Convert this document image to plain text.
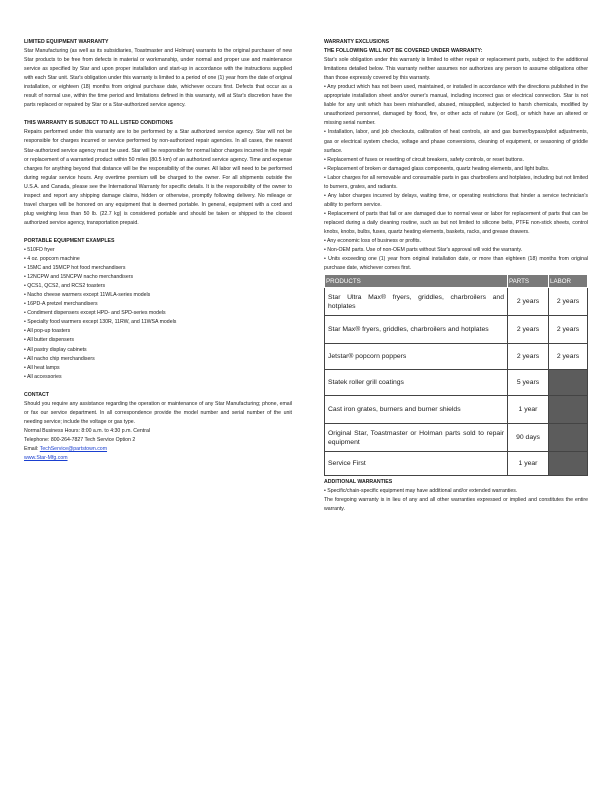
LIMITED EQUIPMENT WARRANTY

Star Manufacturing (as well as its subsidiaries, Toastmaster and Holman) warrants to the original purchaser of new Star products to be free from defects in material or workmanship, under normal and proper use and maintenance service as specified by Star and upon proper installation and start-up in accordance with the instructions supplied with each Star unit. Star's obligation under this warranty is limited to a period of one (1) year from the date of original installation, or eighteen (18) months from original purchase date, whichever occurs first. Defects that occur as a result of normal use, within the time period and limitations defined in this warranty, will at Star's discretion have the parts replaced or repaired by Star or a Star-authorized service agency.

THIS WARRANTY IS SUBJECT TO ALL LISTED CONDITIONS

Repairs performed under this warranty are to be performed by a Star authorized service agency. Star will not be responsible for charges incurred or service performed by non-authorized repair agencies. In all cases, the nearest Star-authorized service agency must be used. Star will be responsible for normal labor charges incurred in the repair or replacement of a warranted product within 50 miles (80.5 km) of an authorized service agency. Time and expense charges for anything beyond that distance will be the responsibility of the owner. All labor will need to be performed during regular service hours. Any overtime premium will be charged to the owner. For all shipments outside the U.S.A. and Canada, please see the International Warranty for specific details. It is the responsibility of the owner to inspect and report any shipping damage claims, hidden or otherwise, promptly following delivery. No mileage or travel charges will be honored on any equipment that is deemed portable. In general, equipment with a cord and plug weighing less than 50 lb. (22.7 kg) is considered portable and should be taken or shipped to the closest authorized service agency, transportation prepaid.

PORTABLE EQUIPMENT EXAMPLES
• 510FD fryer
• 4 oz. popcorn machine
• 15MC and 15MCP hot food merchandisers
• 12NCPW and 15NCPW nacho merchandisers
• QCS1, QCS2, and RCS2 toasters
• Nacho cheese warmers except 11WLA-series models
• 16PD-A pretzel merchandisers
• Condiment dispensers except HPD- and SPD-series models
• Specialty food warmers except 130R, 11RW, and 11WSA models
• All pop-up toasters
• All butter dispensers
• All pastry display cabinets
• All nacho chip merchandisers
• All heat lamps
• All accessories
CONTACT

Should you require any assistance regarding the operation or maintenance of any Star Manufacturing; phone, email or fax our service department. In all correspondence provide the model number and serial number of the unit needing service; include the voltage or gas type.

Normal Business Hours: 8:00 a.m. to 4:30 p.m. Central

Telephone: 800-264-7827 Tech Service Option 2

Email: TechService@partstown.com

www.Star-Mfg.com

WARRANTY EXCLUSIONS
THE FOLLOWING WILL NOT BE COVERED UNDER WARRANTY:

Star's sole obligation under this warranty is limited to either repair or replacement parts, subject to the additional limitations detailed below. This warranty neither assumes nor authorizes any person to assume obligations other than those expressly covered by this warranty.

• Any product which has not been used, maintained, or installed in accordance with the directions published in the appropriate installation sheet and/or owner's manual, including incorrect gas or electrical connection. Star is not liable for any unit which has been mishandled, abused, misapplied, subjected to harsh chemicals, modified by unauthorized personnel, damaged by flood, fire, or other acts of nature (or God), or which have an altered or missing serial number.
• Installation, labor, and job checkouts, calibration of heat controls, air and gas burner/bypass/pilot adjustments, gas or electrical system checks, voltage and phase conversions, cleaning of equipment, or seasoning of griddle surface.
• Replacement of fuses or resetting of circuit breakers, safety controls, or reset buttons.
• Replacement of broken or damaged glass components, quartz heating elements, and light bulbs.
• Labor charges for all removable and consumable parts in gas charbroilers and hotplates, including but not limited to burners, grates, and radiants.
• Any labor charges incurred by delays, waiting time, or operating restrictions that hinder a service technician's ability to perform service.
• Replacement of parts that fail or are damaged due to normal wear or labor for replacement of parts that can be replaced during a daily cleaning routine, such as but not limited to silicone belts, PTFE non-stick sheets, control knobs, knobs, bulbs, fuses, quartz heating elements, baskets, racks, and grease drawers.
• Any economic loss of business or profits.
• Non-OEM parts. Use of non-OEM parts without Star's approval will void the warranty.
• Units exceeding one (1) year from original installation date, or more than eighteen (18) months from original purchase date, whichever comes first.
PRODUCTS	PARTS	LABOR
Star Ultra Max® fryers, griddles, charbroilers and hotplates	2 years	2 years
Star Max® fryers, griddles, charbroilers and hotplates	2 years	2 years
Jetstar® popcorn poppers	2 years	2 years
Statek roller grill coatings	5 years	
Cast iron grates, burners and burner shields	1 year	
Original Star, Toastmaster or Holman parts sold to repair equipment	90 days	
Service First	1 year	
ADDITIONAL WARRANTIES

• Specific/chain-specific equipment may have additional and/or extended warranties.

The foregoing warranty is in lieu of any and all other warranties expressed or implied and constitutes the entire warranty.
